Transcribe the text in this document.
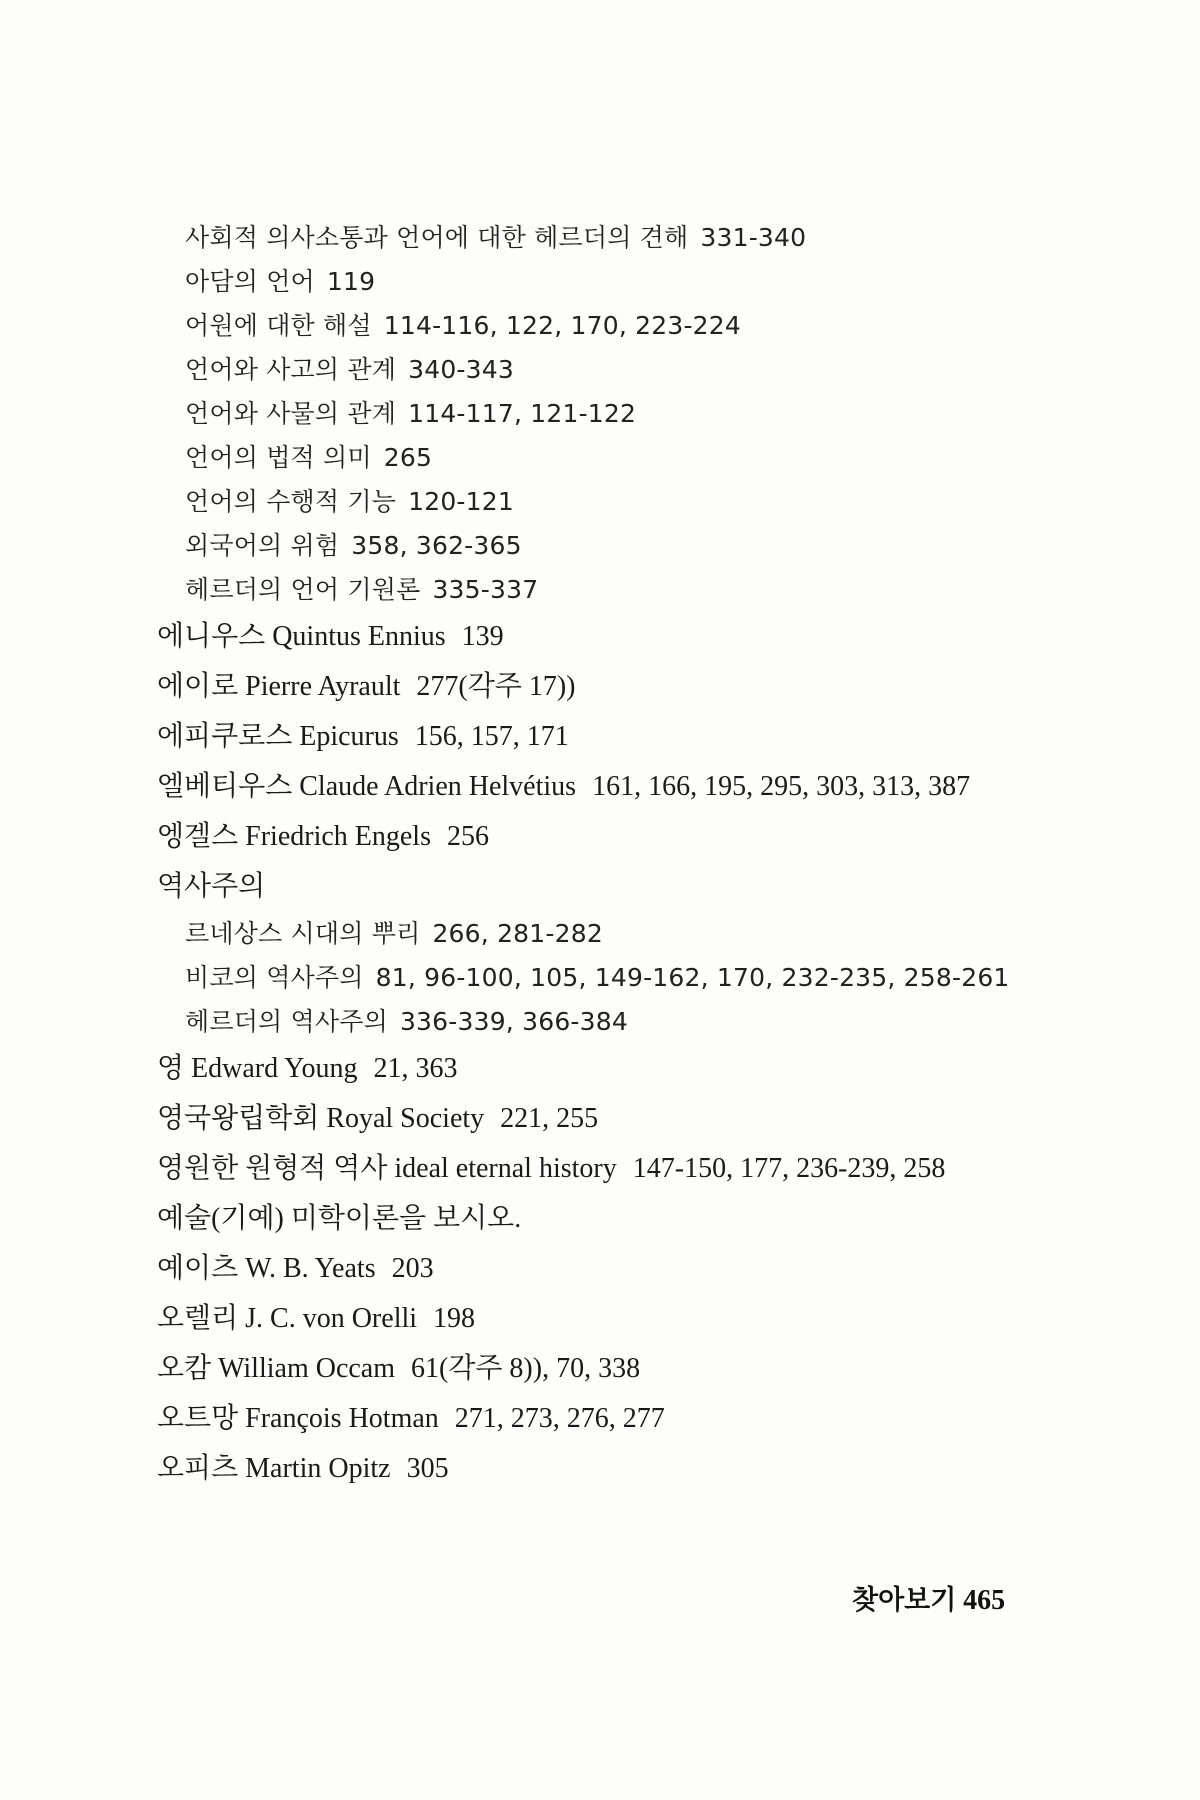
사회적 의사소통과 언어에 대한 헤르더의 견해 331-340
아담의 언어 119
어원에 대한 해설 114-116, 122, 170, 223-224
언어와 사고의 관계 340-343
언어와 사물의 관계 114-117, 121-122
언어의 법적 의미 265
언어의 수행적 기능 120-121
외국어의 위험 358, 362-365
헤르더의 언어 기원론 335-337
에니우스 Quintus Ennius 139
에이로 Pierre Ayrault 277(각주 17))
에피쿠로스 Epicurus 156, 157, 171
엘베티우스 Claude Adrien Helvétius 161, 166, 195, 295, 303, 313, 387
엥겔스 Friedrich Engels 256
역사주의
르네상스 시대의 뿌리 266, 281-282
비코의 역사주의 81, 96-100, 105, 149-162, 170, 232-235, 258-261
헤르더의 역사주의 336-339, 366-384
영 Edward Young 21, 363
영국왕립학회 Royal Society 221, 255
영원한 원형적 역사 ideal eternal history 147-150, 177, 236-239, 258
예술(기예) 미학이론을 보시오.
예이츠 W. B. Yeats 203
오렐리 J. C. von Orelli 198
오캄 William Occam 61(각주 8)), 70, 338
오트망 François Hotman 271, 273, 276, 277
오피츠 Martin Opitz 305
찾아보기 465
